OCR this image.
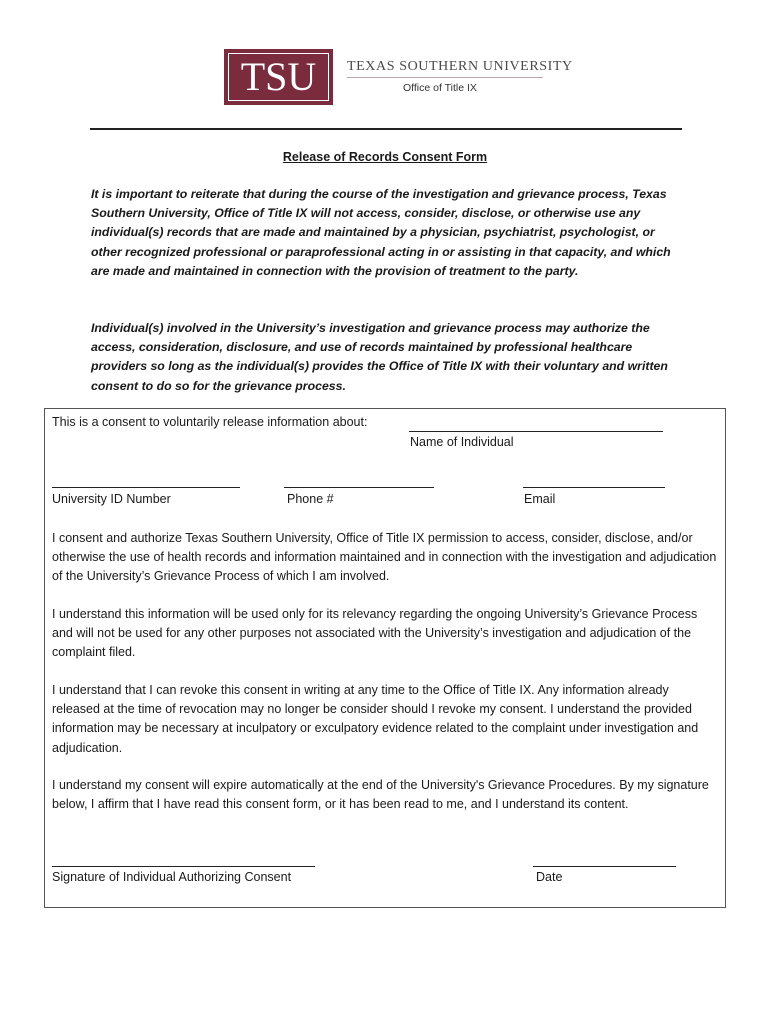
TSU	TEXAS SOUTHERN UNIVERSITY
Office of Title IX
Release of Records Consent Form
It is important to reiterate that during the course of the investigation and grievance process, Texas Southern University, Office of Title IX will not access, consider, disclose, or otherwise use any individual(s) records that are made and maintained by a physician, psychiatrist, psychologist, or other recognized professional or paraprofessional acting in or assisting in that capacity, and which are made and maintained in connection with the provision of treatment to the party.
Individual(s) involved in the University’s investigation and grievance process may authorize the access, consideration, disclosure, and use of records maintained by professional healthcare providers so long as the individual(s) provides the Office of Title IX with their voluntary and written consent to do so for the grievance process.
This is a consent to voluntarily release information about:
Name of Individual
University ID Number	Phone #	Email
I consent and authorize Texas Southern University, Office of Title IX permission to access, consider, disclose, and/or otherwise the use of health records and information maintained and in connection with the investigation and adjudication of the University’s Grievance Process of which I am involved.
I understand this information will be used only for its relevancy regarding the ongoing University’s Grievance Process and will not be used for any other purposes not associated with the University’s investigation and adjudication of the complaint filed.
I understand that I can revoke this consent in writing at any time to the Office of Title IX. Any information already released at the time of revocation may no longer be consider should I revoke my consent. I understand the provided information may be necessary at inculpatory or exculpatory evidence related to the complaint under investigation and adjudication.
I understand my consent will expire automatically at the end of the University's Grievance Procedures. By my signature below, I affirm that I have read this consent form, or it has been read to me, and I understand its content.
Signature of Individual Authorizing Consent	Date
